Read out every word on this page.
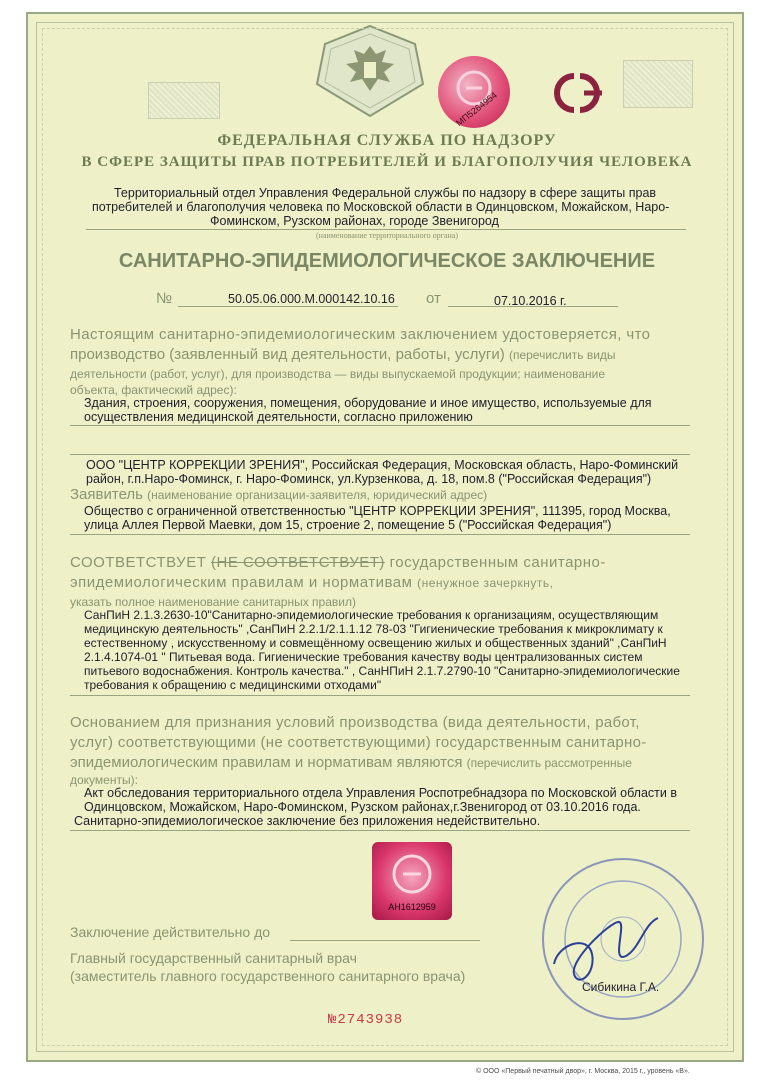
МП5264954
ФЕДЕРАЛЬНАЯ СЛУЖБА ПО НАДЗОРУ
В СФЕРЕ ЗАЩИТЫ ПРАВ ПОТРЕБИТЕЛЕЙ И БЛАГОПОЛУЧИЯ ЧЕЛОВЕКА
Территориальный отдел Управления Федеральной службы по надзору в сфере защиты прав
потребителей и благополучия человека по Московской области в Одинцовском, Можайском, Наро-
Фоминском, Рузском районах, городе Звенигород
(наименование территориального органа)
САНИТАРНО-ЭПИДЕМИОЛОГИЧЕСКОЕ ЗАКЛЮЧЕНИЕ
№	50.05.06.000.М.000142.10.16 от	07.10.2016 г.
Настоящим санитарно-эпидемиологическим заключением удостоверяется, что
производство (заявленный вид деятельности, работы, услуги) (перечислить виды
деятельности (работ, услуг), для производства — виды выпускаемой продукции; наименование
объекта, фактический адрес):
Здания, строения, сооружения, помещения, оборудование и иное имущество, используемые для
осуществления медицинской деятельности, согласно приложению
ООО "ЦЕНТР КОРРЕКЦИИ ЗРЕНИЯ", Российская Федерация, Московская область, Наро-Фоминский
район, г.п.Наро-Фоминск, г. Наро-Фоминск, ул.Курзенкова, д. 18, пом.8 ("Российская Федерация")
Заявитель (наименование организации-заявителя, юридический адрес)
Общество с ограниченной ответственностью "ЦЕНТР КОРРЕКЦИИ ЗРЕНИЯ", 111395, город Москва,
улица Аллея Первой Маевки, дом 15, строение 2, помещение 5 ("Российская Федерация")
СООТВЕТСТВУЕТ (НЕ СООТВЕТСТВУЕТ) государственным санитарно-
эпидемиологическим правилам и нормативам (ненужное зачеркнуть,
указать полное наименование санитарных правил)
СанПиН 2.1.3.2630-10"Санитарно-эпидемиологические требования к организациям, осуществляющим
медицинскую деятельность" ,СанПиН 2.2.1/2.1.1.12 78-03 "Гигиенические требования к микроклимату к
естественному , искусственному и совмещённому освещению жилых и общественных зданий" ,СанПиН
2.1.4.1074-01 " Питьевая вода. Гигиенические требования качеству воды централизованных систем
питьевого водоснабжения. Контроль качества." , СанНПиН 2.1.7.2790-10 "Санитарно-эпидемиологические
требования к обращению с медицинскими отходами"
Основанием для признания условий производства (вида деятельности, работ,
услуг) соответствующими (не соответствующими) государственным санитарно-
эпидемиологическим правилам и нормативам являются (перечислить рассмотренные
документы):
Акт обследования территориального отдела Управления Роспотребнадзора по Московской области в
Одинцовском, Можайском, Наро-Фоминском, Рузском районах,г.Звенигород от 03.10.2016 года.
Санитарно-эпидемиологическое заключение без приложения недействительно.
АН1612959
Заключение действительно до
Главный государственный санитарный врач
(заместитель главного государственного санитарного врача)
Сибикина Г.А.
№2743938
© ООО «Первый печатный двор», г. Москва, 2015 г., уровень «В».
